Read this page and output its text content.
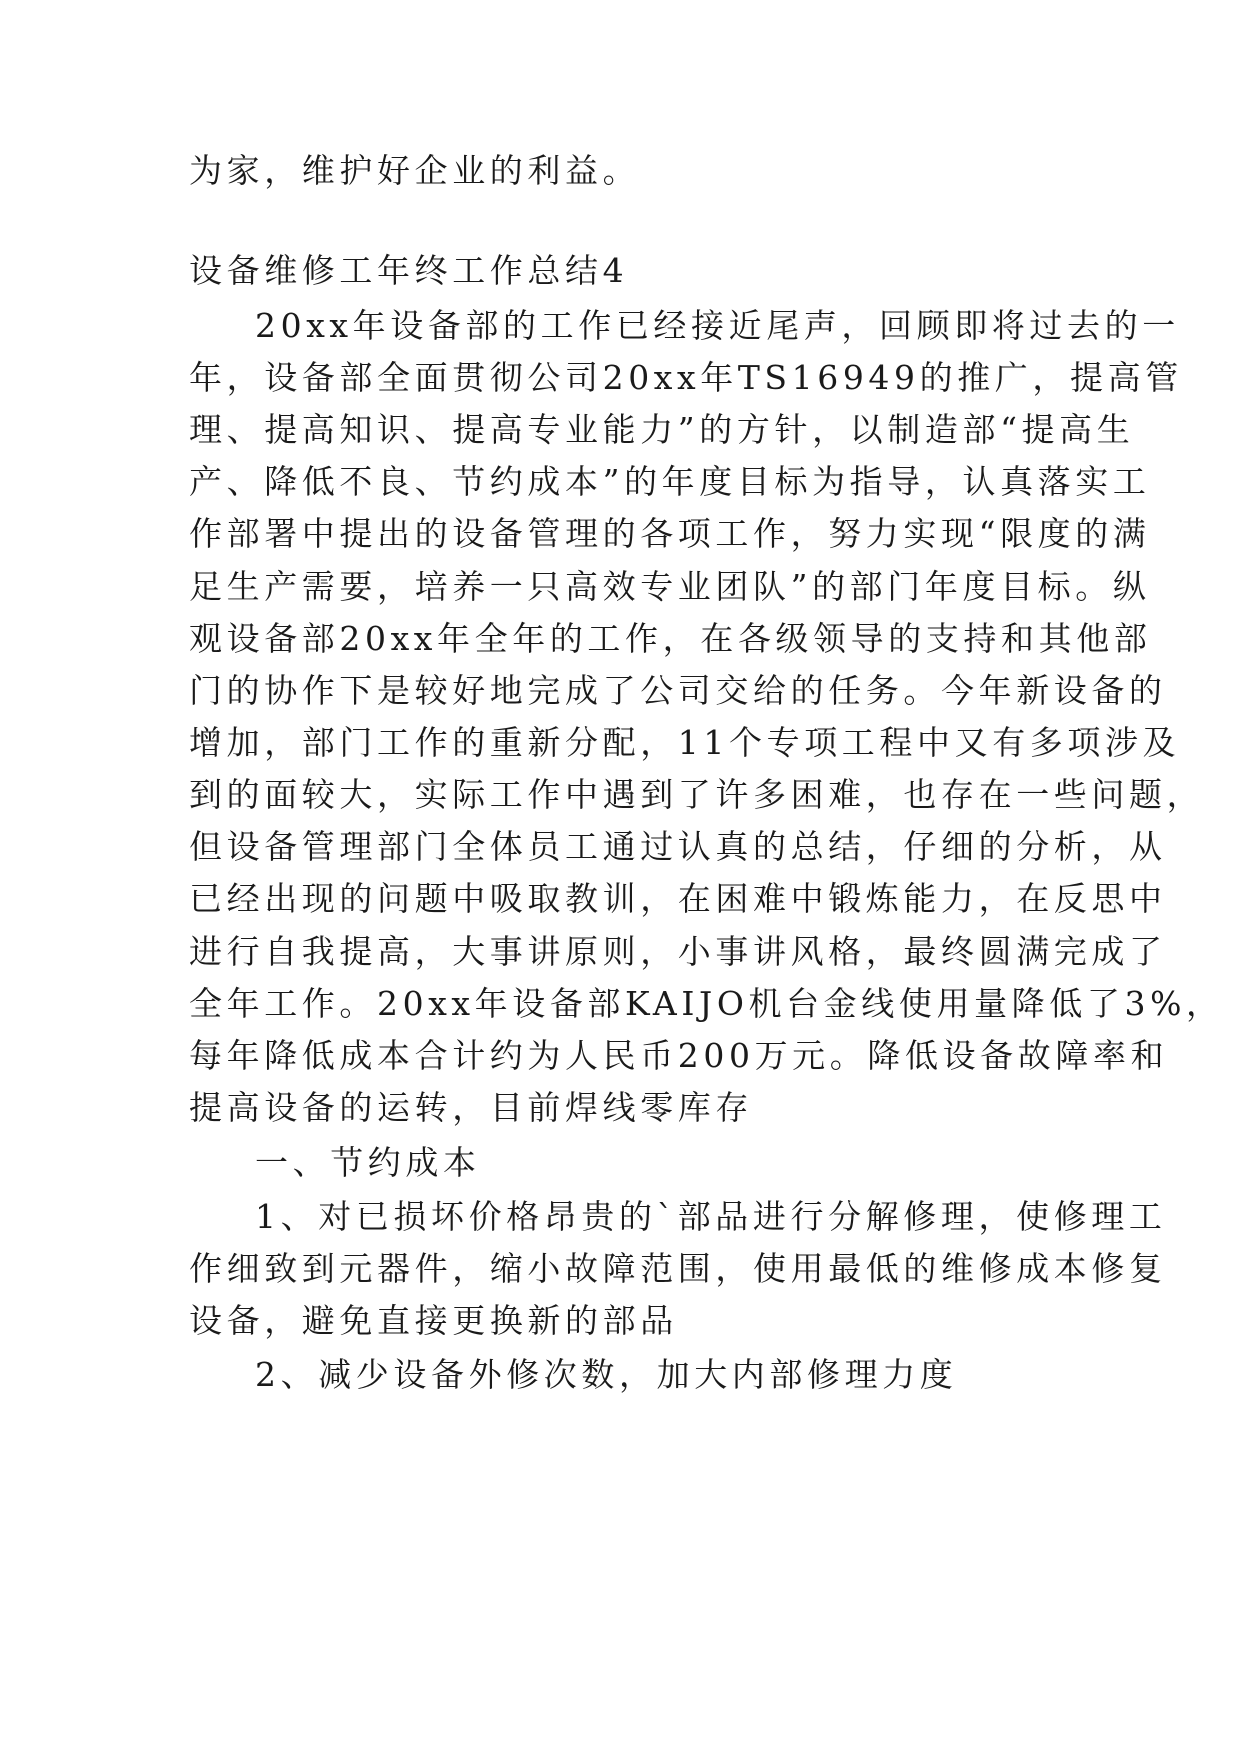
为家，维护好企业的利益。

设备维修工年终工作总结4

20xx年设备部的工作已经接近尾声，回顾即将过去的一

年，设备部全面贯彻公司20xx年TS16949的推广，提高管

理、提高知识、提高专业能力”的方针，以制造部“提高生

产、降低不良、节约成本”的年度目标为指导，认真落实工

作部署中提出的设备管理的各项工作，努力实现“限度的满

足生产需要，培养一只高效专业团队”的部门年度目标。纵

观设备部20xx年全年的工作，在各级领导的支持和其他部

门的协作下是较好地完成了公司交给的任务。今年新设备的

增加，部门工作的重新分配，11个专项工程中又有多项涉及

到的面较大，实际工作中遇到了许多困难，也存在一些问题，

但设备管理部门全体员工通过认真的总结，仔细的分析，从

已经出现的问题中吸取教训，在困难中锻炼能力，在反思中

进行自我提高，大事讲原则，小事讲风格，最终圆满完成了

全年工作。20xx年设备部KAIJO机台金线使用量降低了3%，

每年降低成本合计约为人民币200万元。降低设备故障率和

提高设备的运转，目前焊线零库存

一、节约成本

1、对已损坏价格昂贵的`部品进行分解修理，使修理工

作细致到元器件，缩小故障范围，使用最低的维修成本修复

设备，避免直接更换新的部品

2、减少设备外修次数，加大内部修理力度
